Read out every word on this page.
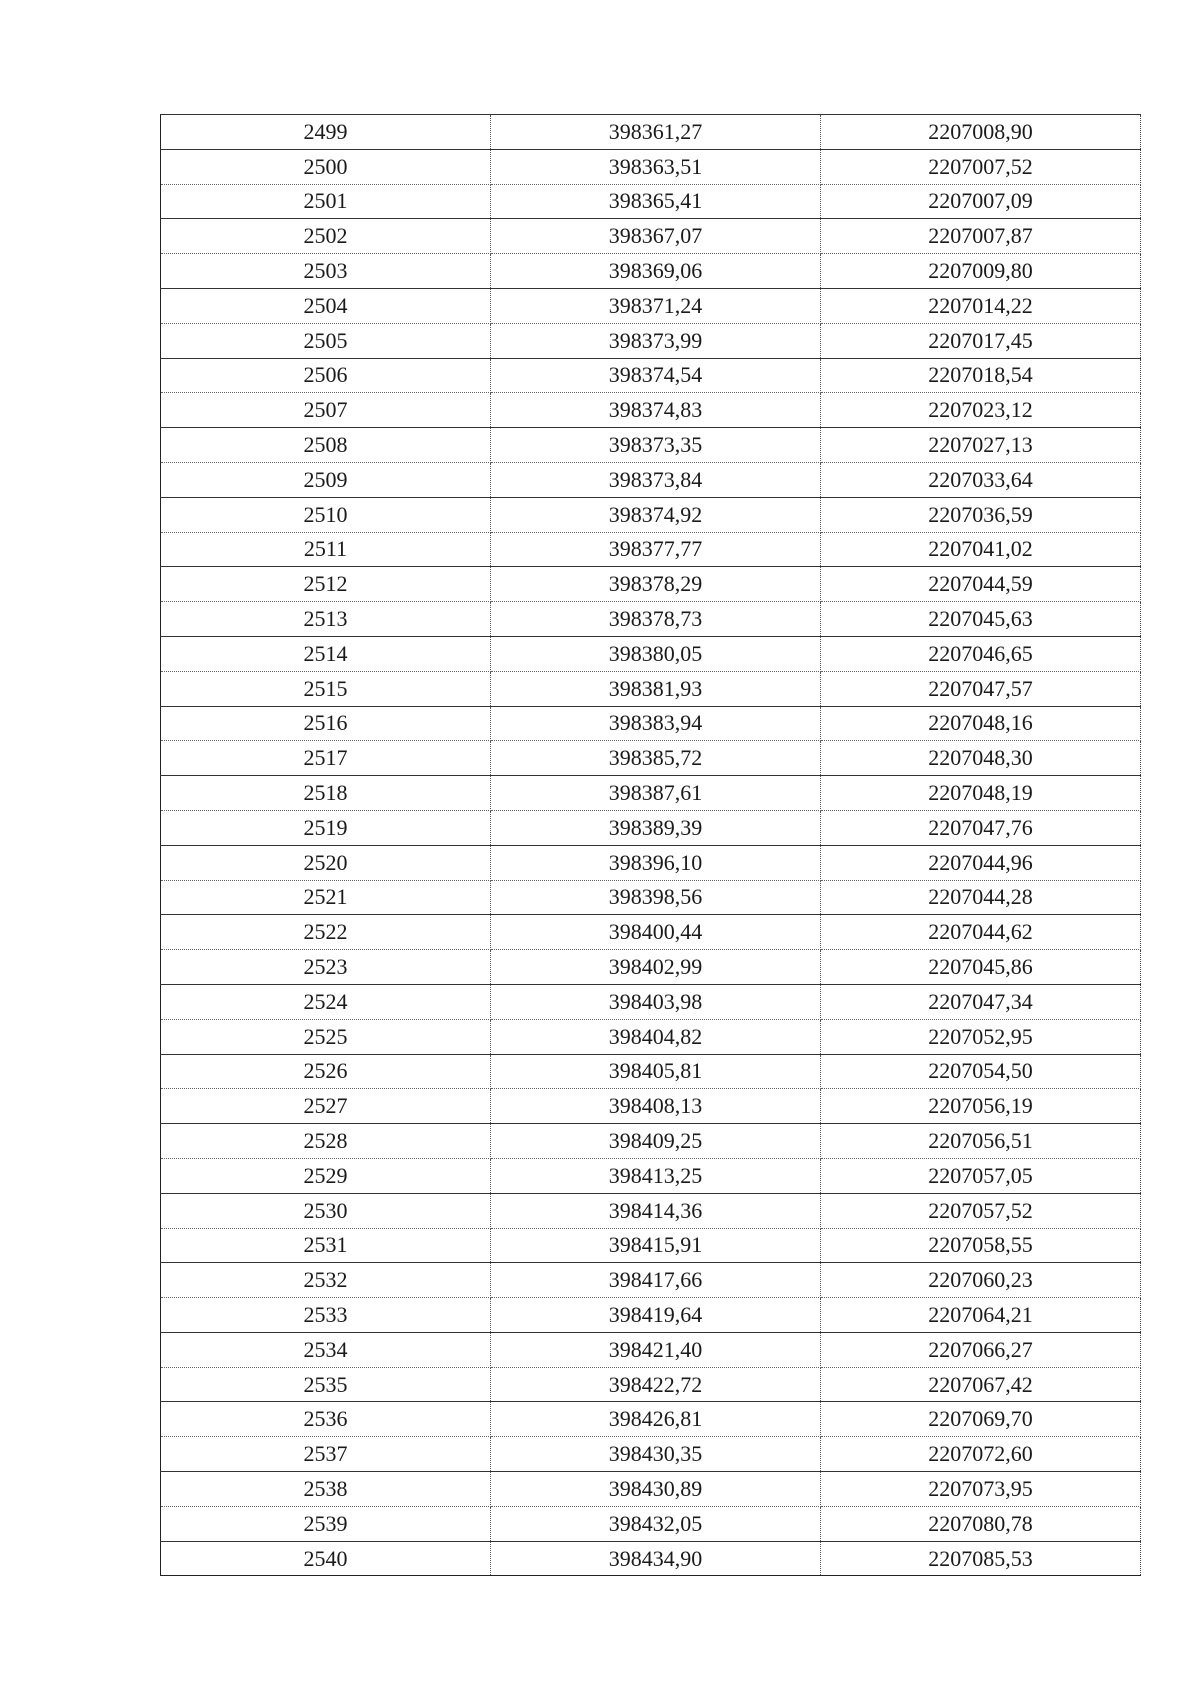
2499	398361,27	2207008,90
2500	398363,51	2207007,52
2501	398365,41	2207007,09
2502	398367,07	2207007,87
2503	398369,06	2207009,80
2504	398371,24	2207014,22
2505	398373,99	2207017,45
2506	398374,54	2207018,54
2507	398374,83	2207023,12
2508	398373,35	2207027,13
2509	398373,84	2207033,64
2510	398374,92	2207036,59
2511	398377,77	2207041,02
2512	398378,29	2207044,59
2513	398378,73	2207045,63
2514	398380,05	2207046,65
2515	398381,93	2207047,57
2516	398383,94	2207048,16
2517	398385,72	2207048,30
2518	398387,61	2207048,19
2519	398389,39	2207047,76
2520	398396,10	2207044,96
2521	398398,56	2207044,28
2522	398400,44	2207044,62
2523	398402,99	2207045,86
2524	398403,98	2207047,34
2525	398404,82	2207052,95
2526	398405,81	2207054,50
2527	398408,13	2207056,19
2528	398409,25	2207056,51
2529	398413,25	2207057,05
2530	398414,36	2207057,52
2531	398415,91	2207058,55
2532	398417,66	2207060,23
2533	398419,64	2207064,21
2534	398421,40	2207066,27
2535	398422,72	2207067,42
2536	398426,81	2207069,70
2537	398430,35	2207072,60
2538	398430,89	2207073,95
2539	398432,05	2207080,78
2540	398434,90	2207085,53
